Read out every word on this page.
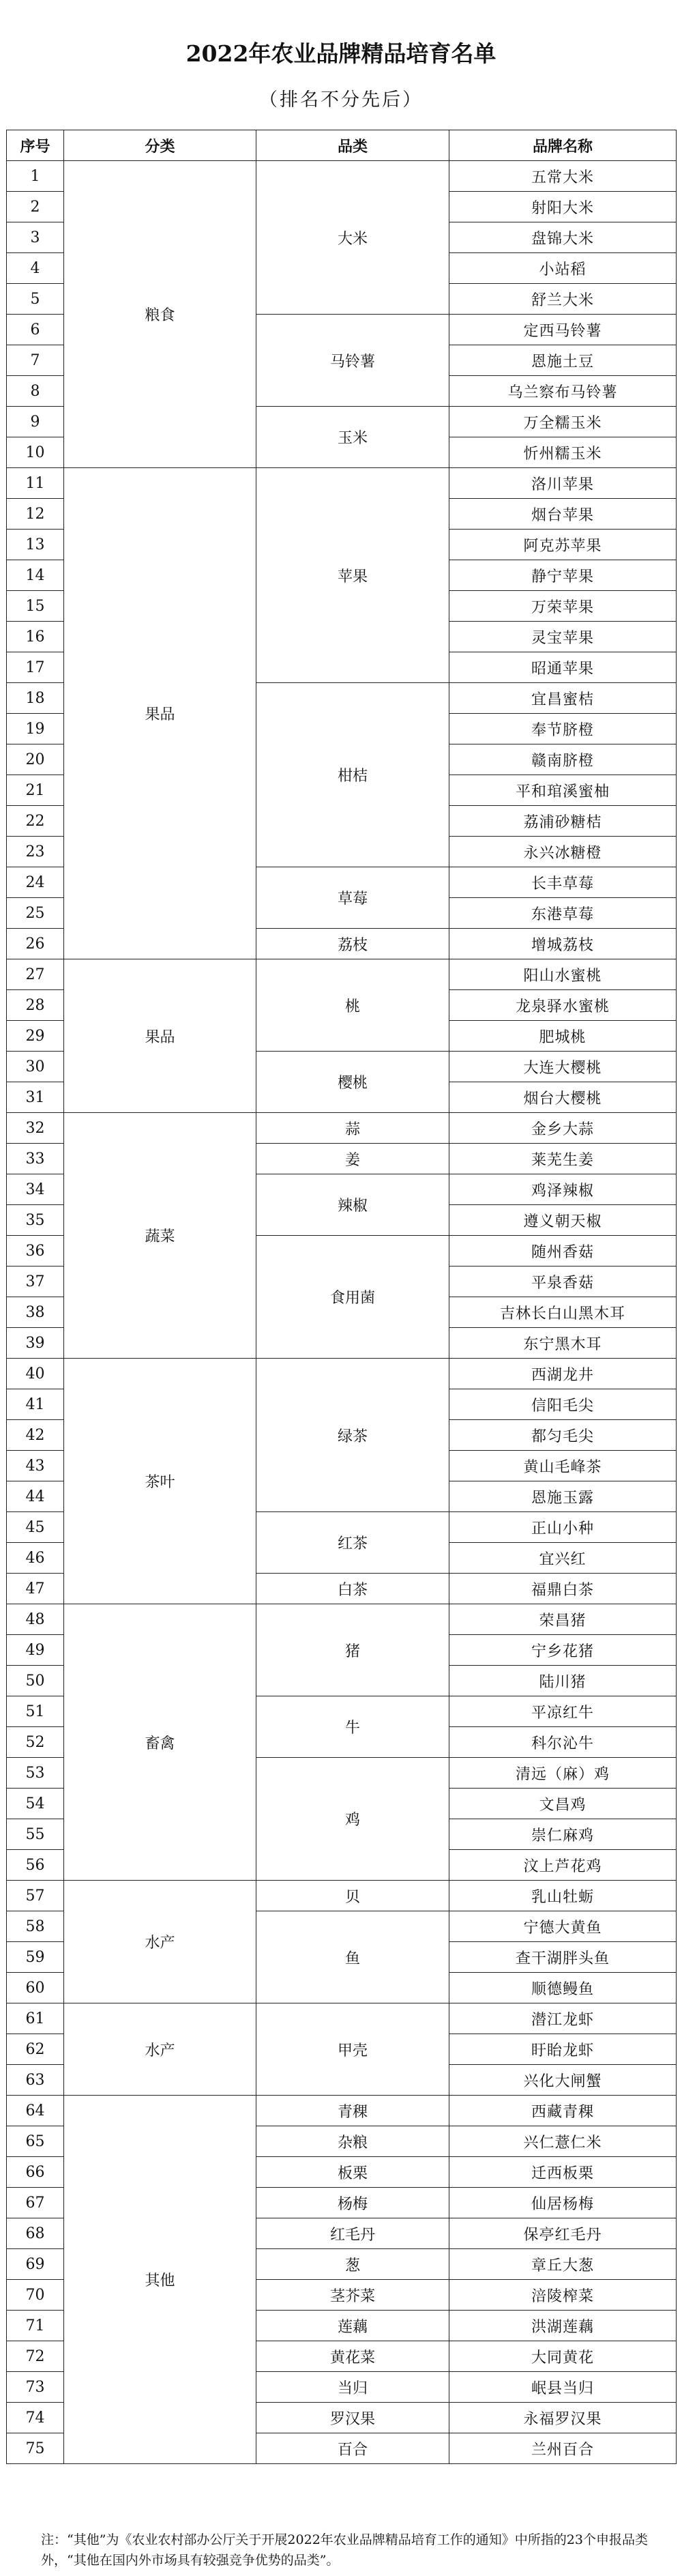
2022年农业品牌精品培育名单
（排名不分先后）
序号	分类	品类	品牌名称
1	粮食	大米	五常大米
2			射阳大米
3			盘锦大米
4			小站稻
5			舒兰大米
6		马铃薯	定西马铃薯
7			恩施土豆
8			乌兰察布马铃薯
9		玉米	万全糯玉米
10			忻州糯玉米
11	果品	苹果	洛川苹果
12			烟台苹果
13			阿克苏苹果
14			静宁苹果
15			万荣苹果
16			灵宝苹果
17			昭通苹果
18		柑桔	宜昌蜜桔
19			奉节脐橙
20			赣南脐橙
21			平和琯溪蜜柚
22			荔浦砂糖桔
23			永兴冰糖橙
24		草莓	长丰草莓
25			东港草莓
26		荔枝	增城荔枝
27	果品	桃	阳山水蜜桃
28			龙泉驿水蜜桃
29			肥城桃
30		樱桃	大连大樱桃
31			烟台大樱桃
32	蔬菜	蒜	金乡大蒜
33		姜	莱芜生姜
34		辣椒	鸡泽辣椒
35			遵义朝天椒
36		食用菌	随州香菇
37			平泉香菇
38			吉林长白山黑木耳
39			东宁黑木耳
40	茶叶	绿茶	西湖龙井
41			信阳毛尖
42			都匀毛尖
43			黄山毛峰茶
44			恩施玉露
45		红茶	正山小种
46			宜兴红
47		白茶	福鼎白茶
48	畜禽	猪	荣昌猪
49			宁乡花猪
50			陆川猪
51		牛	平凉红牛
52			科尔沁牛
53		鸡	清远（麻）鸡
54			文昌鸡
55			崇仁麻鸡
56			汶上芦花鸡
57	水产	贝	乳山牡蛎
58		鱼	宁德大黄鱼
59			查干湖胖头鱼
60			顺德鳗鱼
61	水产	甲壳	潜江龙虾
62			盱眙龙虾
63			兴化大闸蟹
64	其他	青稞	西藏青稞
65		杂粮	兴仁薏仁米
66		板栗	迁西板栗
67		杨梅	仙居杨梅
68		红毛丹	保亭红毛丹
69		葱	章丘大葱
70		茎芥菜	涪陵榨菜
71		莲藕	洪湖莲藕
72		黄花菜	大同黄花
73		当归	岷县当归
74		罗汉果	永福罗汉果
75		百合	兰州百合
注：“其他”为《农业农村部办公厅关于开展2022年农业品牌精品培育工作的通知》中所指的23个申报品类外，“其他在国内外市场具有较强竞争优势的品类”。
